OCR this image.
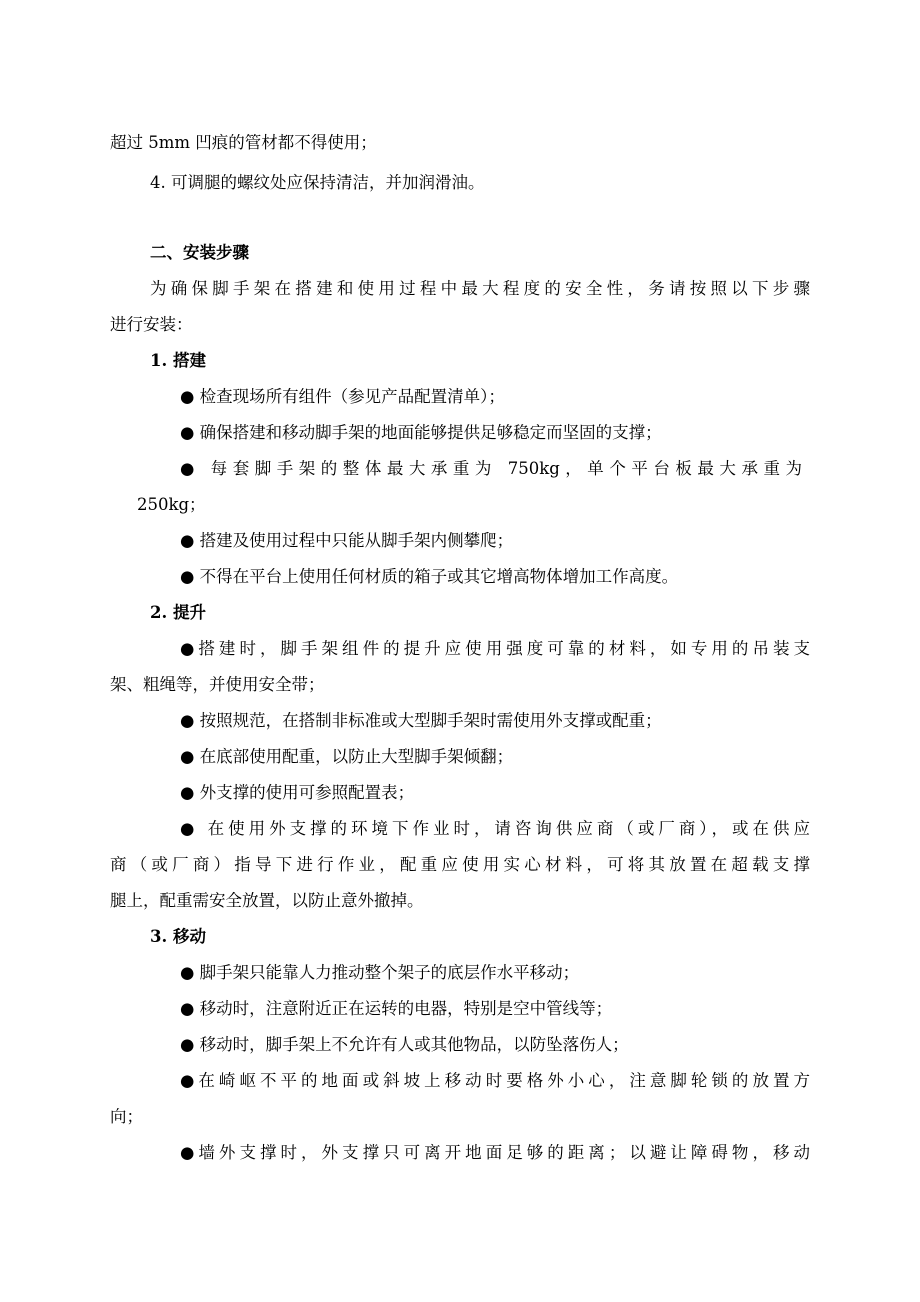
超过 5mm 凹痕的管材都不得使用；
4. 可调腿的螺纹处应保持清洁，并加润滑油。
二、安装步骤
为确保脚手架在搭建和使用过程中最大程度的安全性，务请按照以下步骤
进行安装：
1. 搭建
● 检查现场所有组件（参见产品配置清单）；
● 确保搭建和移动脚手架的地面能够提供足够稳定而坚固的支撑；
● 每套脚手架的整体最大承重为 750kg，单个平台板最大承重为
250kg；
● 搭建及使用过程中只能从脚手架内侧攀爬；
● 不得在平台上使用任何材质的箱子或其它增高物体增加工作高度。
2. 提升
●搭建时，脚手架组件的提升应使用强度可靠的材料，如专用的吊装支
架、粗绳等，并使用安全带；
● 按照规范，在搭制非标准或大型脚手架时需使用外支撑或配重；
● 在底部使用配重，以防止大型脚手架倾翻；
● 外支撑的使用可参照配置表；
● 在使用外支撑的环境下作业时，请咨询供应商（或厂商），或在供应
商（或厂商）指导下进行作业，配重应使用实心材料，可将其放置在超载支撑
腿上，配重需安全放置，以防止意外撤掉。
3. 移动
● 脚手架只能靠人力推动整个架子的底层作水平移动；
● 移动时，注意附近正在运转的电器，特别是空中管线等；
● 移动时，脚手架上不允许有人或其他物品，以防坠落伤人；
●在崎岖不平的地面或斜坡上移动时要格外小心，注意脚轮锁的放置方
向；
●墙外支撑时，外支撑只可离开地面足够的距离；以避让障碍物，移动
